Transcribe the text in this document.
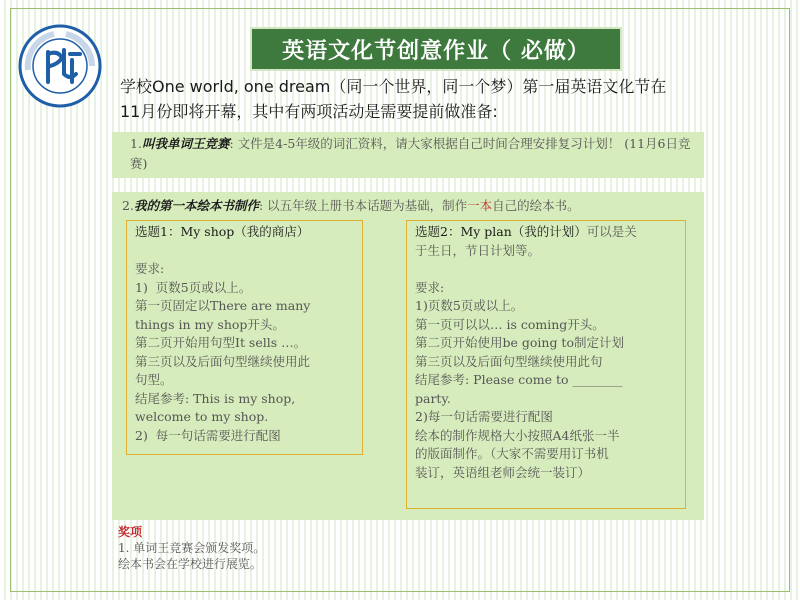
英语文化节创意作业（ 必做）
学校One world, one dream（同一个世界，同一个梦）第一届英语文化节在
11月份即将开幕，其中有两项活动是需要提前做准备:
1.叫我单词王竞赛: 文件是4-5年级的词汇资料，请大家根据自己时间合理安排复习计划！ (11月6日竞赛)
2.我的第一本绘本书制作: 以五年级上册书本话题为基础，制作一本自己的绘本书。
选题1：My shop（我的商店）

要求:
1)  页数5页或以上。
第一页固定以There are many
things in my shop开头。
第二页开始用句型It sells …。
第三页以及后面句型继续使用此
句型。
结尾参考: This is my shop,
welcome to my shop.
2)  每一句话需要进行配图
选题2：My plan（我的计划）可以是关
于生日，节日计划等。

要求:
1)页数5页或以上。
第一页可以以… is coming开头。
第二页开始使用be going to制定计划
第三页以及后面句型继续使用此句
结尾参考: Please come to ________
party.
2)每一句话需要进行配图
绘本的制作规格大小按照A4纸张一半
的版面制作。（大家不需要用订书机
装订，英语组老师会统一装订）
奖项
1. 单词王竞赛会颁发奖项。
绘本书会在学校进行展览。
